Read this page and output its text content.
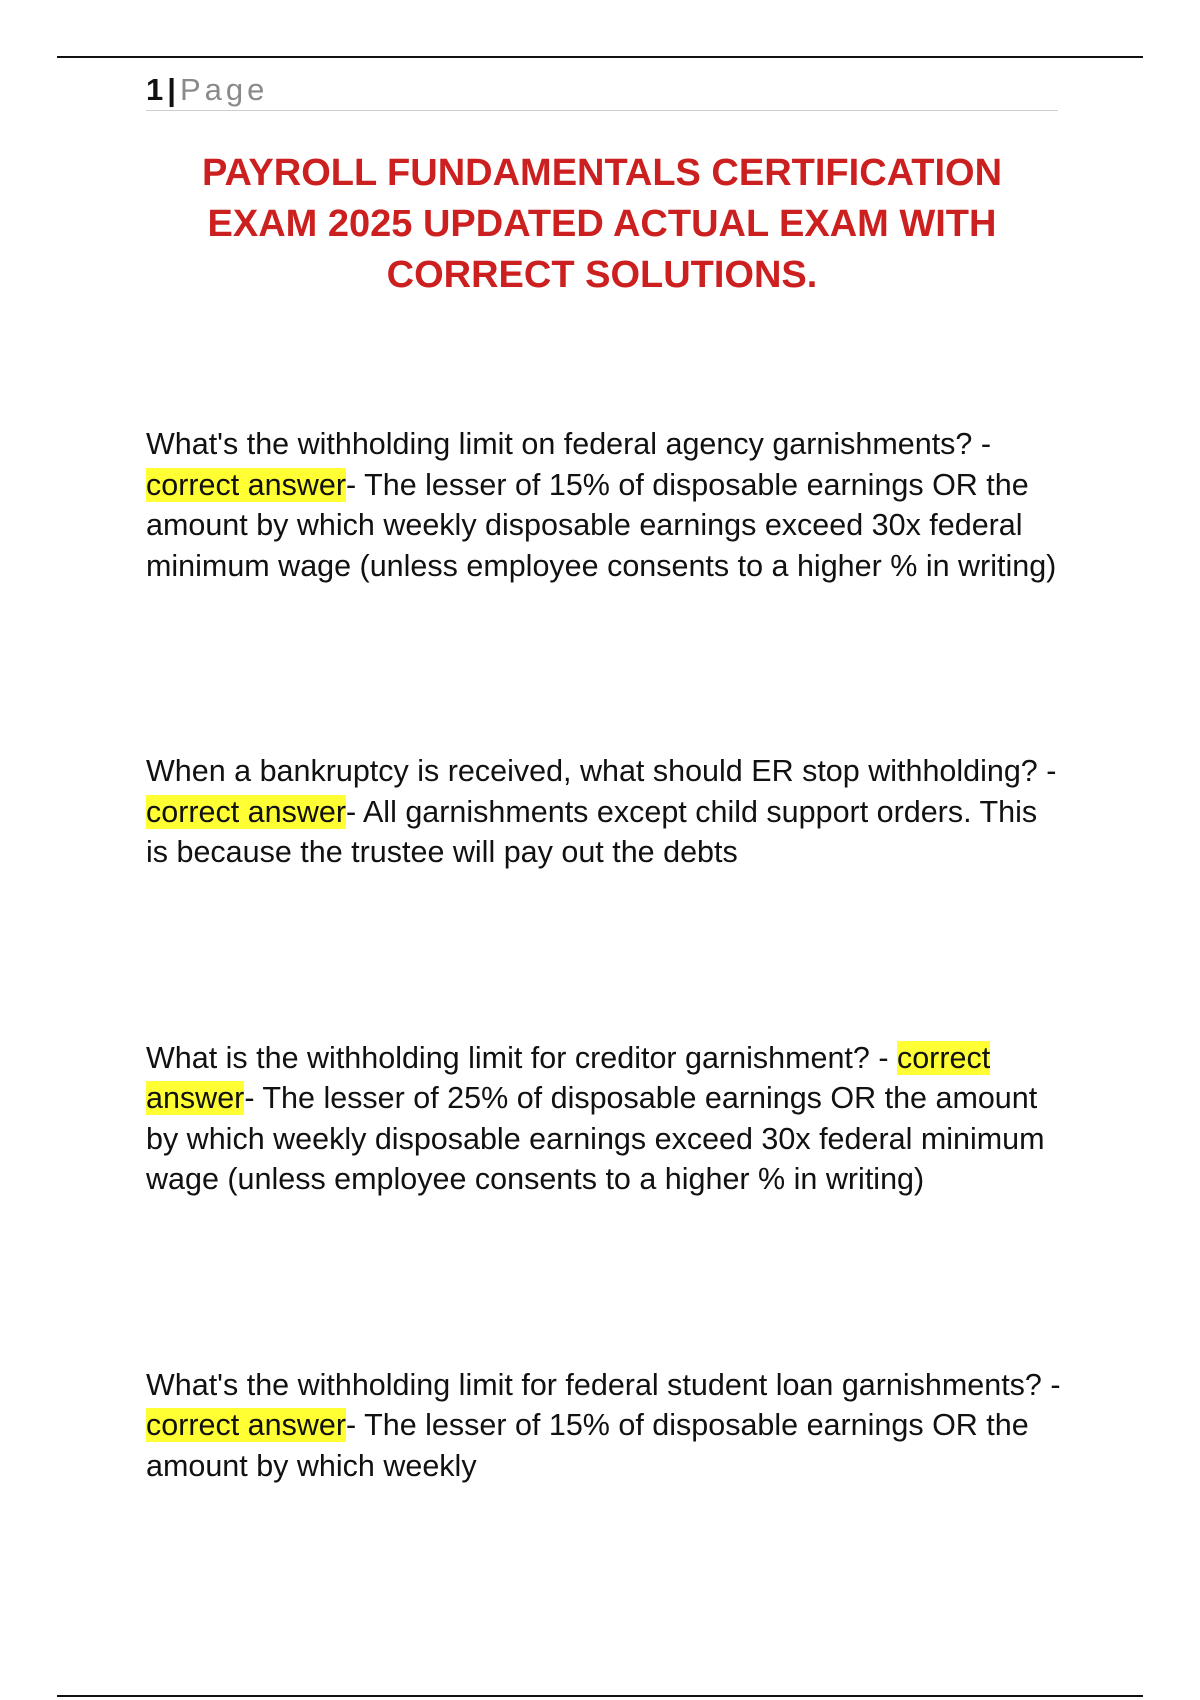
1 | Page
PAYROLL FUNDAMENTALS CERTIFICATION EXAM 2025 UPDATED ACTUAL EXAM WITH CORRECT SOLUTIONS.

What's the withholding limit on federal agency garnishments? - correct answer- The lesser of 15% of disposable earnings OR the amount by which weekly disposable earnings exceed 30x federal minimum wage (unless employee consents to a higher % in writing)

When a bankruptcy is received, what should ER stop withholding? - correct answer- All garnishments except child support orders. This is because the trustee will pay out the debts

What is the withholding limit for creditor garnishment? - correct answer- The lesser of 25% of disposable earnings OR the amount by which weekly disposable earnings exceed 30x federal minimum wage (unless employee consents to a higher % in writing)

What's the withholding limit for federal student loan garnishments? - correct answer- The lesser of 15% of disposable earnings OR the amount by which weekly
